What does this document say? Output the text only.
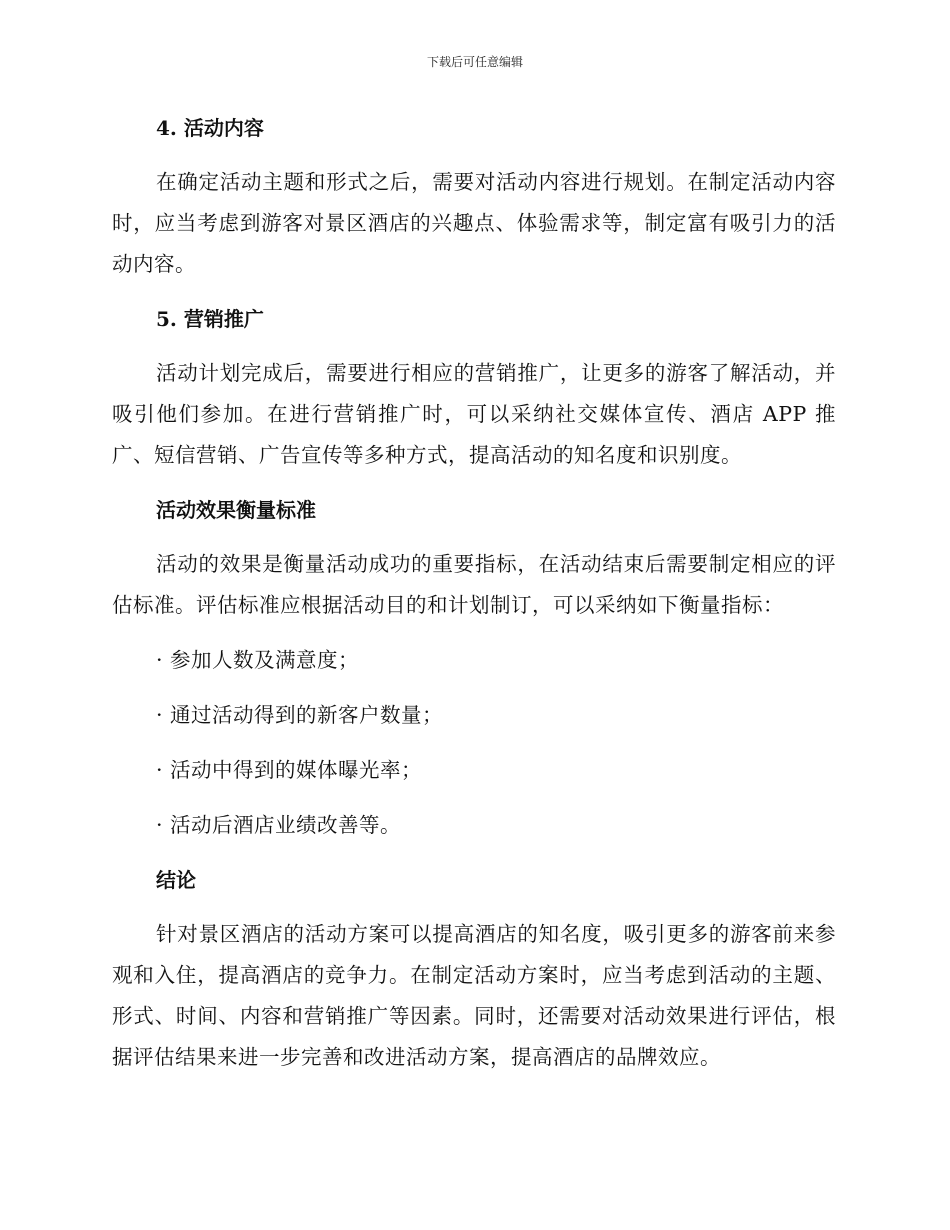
下载后可任意编辑
4. 活动内容

在确定活动主题和形式之后，需要对活动内容进行规划。在制定活动内容时，应当考虑到游客对景区酒店的兴趣点、体验需求等，制定富有吸引力的活动内容。

5. 营销推广

活动计划完成后，需要进行相应的营销推广，让更多的游客了解活动，并吸引他们参加。在进行营销推广时，可以采纳社交媒体宣传、酒店 APP 推广、短信营销、广告宣传等多种方式，提高活动的知名度和识别度。

活动效果衡量标准

活动的效果是衡量活动成功的重要指标，在活动结束后需要制定相应的评估标准。评估标准应根据活动目的和计划制订，可以采纳如下衡量指标：

· 参加人数及满意度；

· 通过活动得到的新客户数量；

· 活动中得到的媒体曝光率；

· 活动后酒店业绩改善等。

结论

针对景区酒店的活动方案可以提高酒店的知名度，吸引更多的游客前来参观和入住，提高酒店的竞争力。在制定活动方案时，应当考虑到活动的主题、形式、时间、内容和营销推广等因素。同时，还需要对活动效果进行评估，根据评估结果来进一步完善和改进活动方案，提高酒店的品牌效应。
